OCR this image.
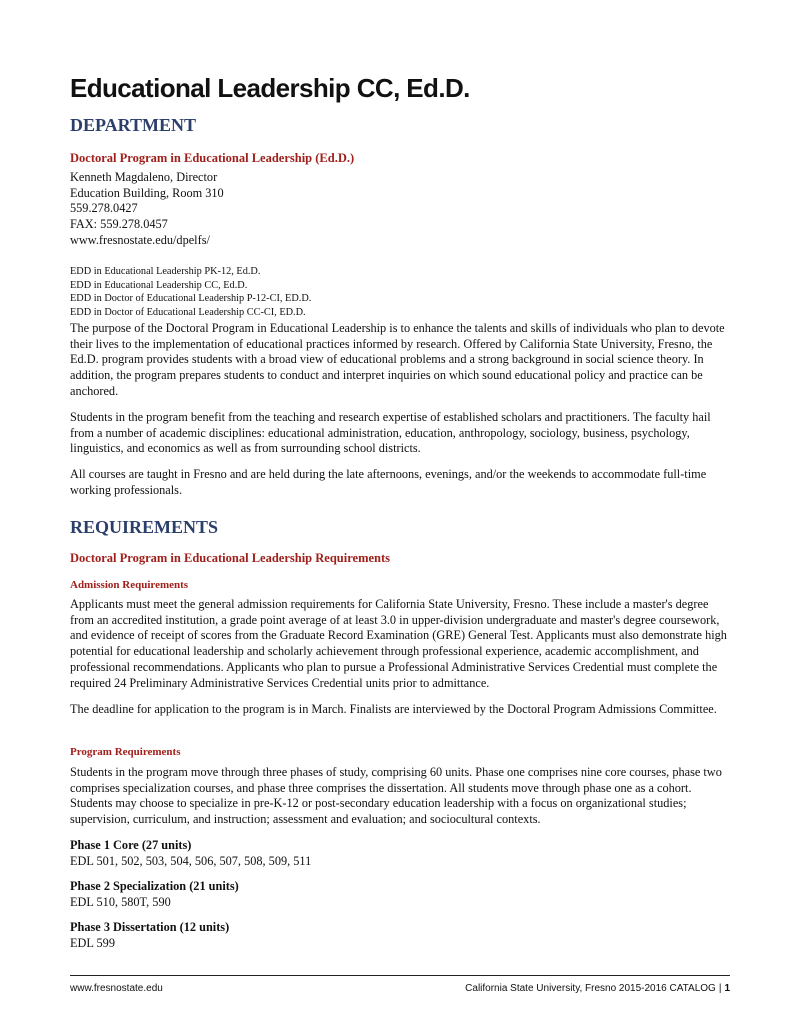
Educational Leadership CC, Ed.D.
DEPARTMENT
Doctoral Program in Educational Leadership (Ed.D.)
Kenneth Magdaleno, Director
Education Building, Room 310
559.278.0427
FAX: 559.278.0457
www.fresnostate.edu/dpelfs/
EDD in Educational Leadership PK-12, Ed.D.
EDD in Educational Leadership CC, Ed.D.
EDD in Doctor of Educational Leadership P-12-CI, ED.D.
EDD in Doctor of Educational Leadership CC-CI, ED.D.

The purpose of the Doctoral Program in Educational Leadership is to enhance the talents and skills of individuals who plan to devote their lives to the implementation of educational practices informed by research. Offered by California State University, Fresno, the Ed.D. program provides students with a broad view of educational problems and a strong background in social science theory. In addition, the program prepares students to conduct and interpret inquiries on which sound educational policy and practice can be anchored.

Students in the program benefit from the teaching and research expertise of established scholars and practitioners. The faculty hail from a number of academic disciplines: educational administration, education, anthropology, sociology, business, psychology, linguistics, and economics as well as from surrounding school districts.

All courses are taught in Fresno and are held during the late afternoons, evenings, and/or the weekends to accommodate full-time working professionals.

REQUIREMENTS
Doctoral Program in Educational Leadership Requirements
Admission Requirements

Applicants must meet the general admission requirements for California State University, Fresno. These include a master's degree from an accredited institution, a grade point average of at least 3.0 in upper-division undergraduate and master's degree coursework, and evidence of receipt of scores from the Graduate Record Examination (GRE) General Test. Applicants must also demonstrate high potential for educational leadership and scholarly achievement through professional experience, academic accomplishment, and professional recommendations. Applicants who plan to pursue a Professional Administrative Services Credential must complete the required 24 Preliminary Administrative Services Credential units prior to admittance.

The deadline for application to the program is in March. Finalists are interviewed by the Doctoral Program Admissions Committee.

Program Requirements

Students in the program move through three phases of study, comprising 60 units. Phase one comprises nine core courses, phase two comprises specialization courses, and phase three comprises the dissertation. All students move through phase one as a cohort. Students may choose to specialize in pre-K-12 or post-secondary education leadership with a focus on organizational studies; supervision, curriculum, and instruction; assessment and evaluation; and sociocultural contexts.

Phase 1 Core (27 units)
EDL 501, 502, 503, 504, 506, 507, 508, 509, 511
Phase 2 Specialization (21 units)
EDL 510, 580T, 590
Phase 3 Dissertation (12 units)
EDL 599
www.fresnostate.edu	California State University, Fresno 2015-2016 CATALOG | 1
